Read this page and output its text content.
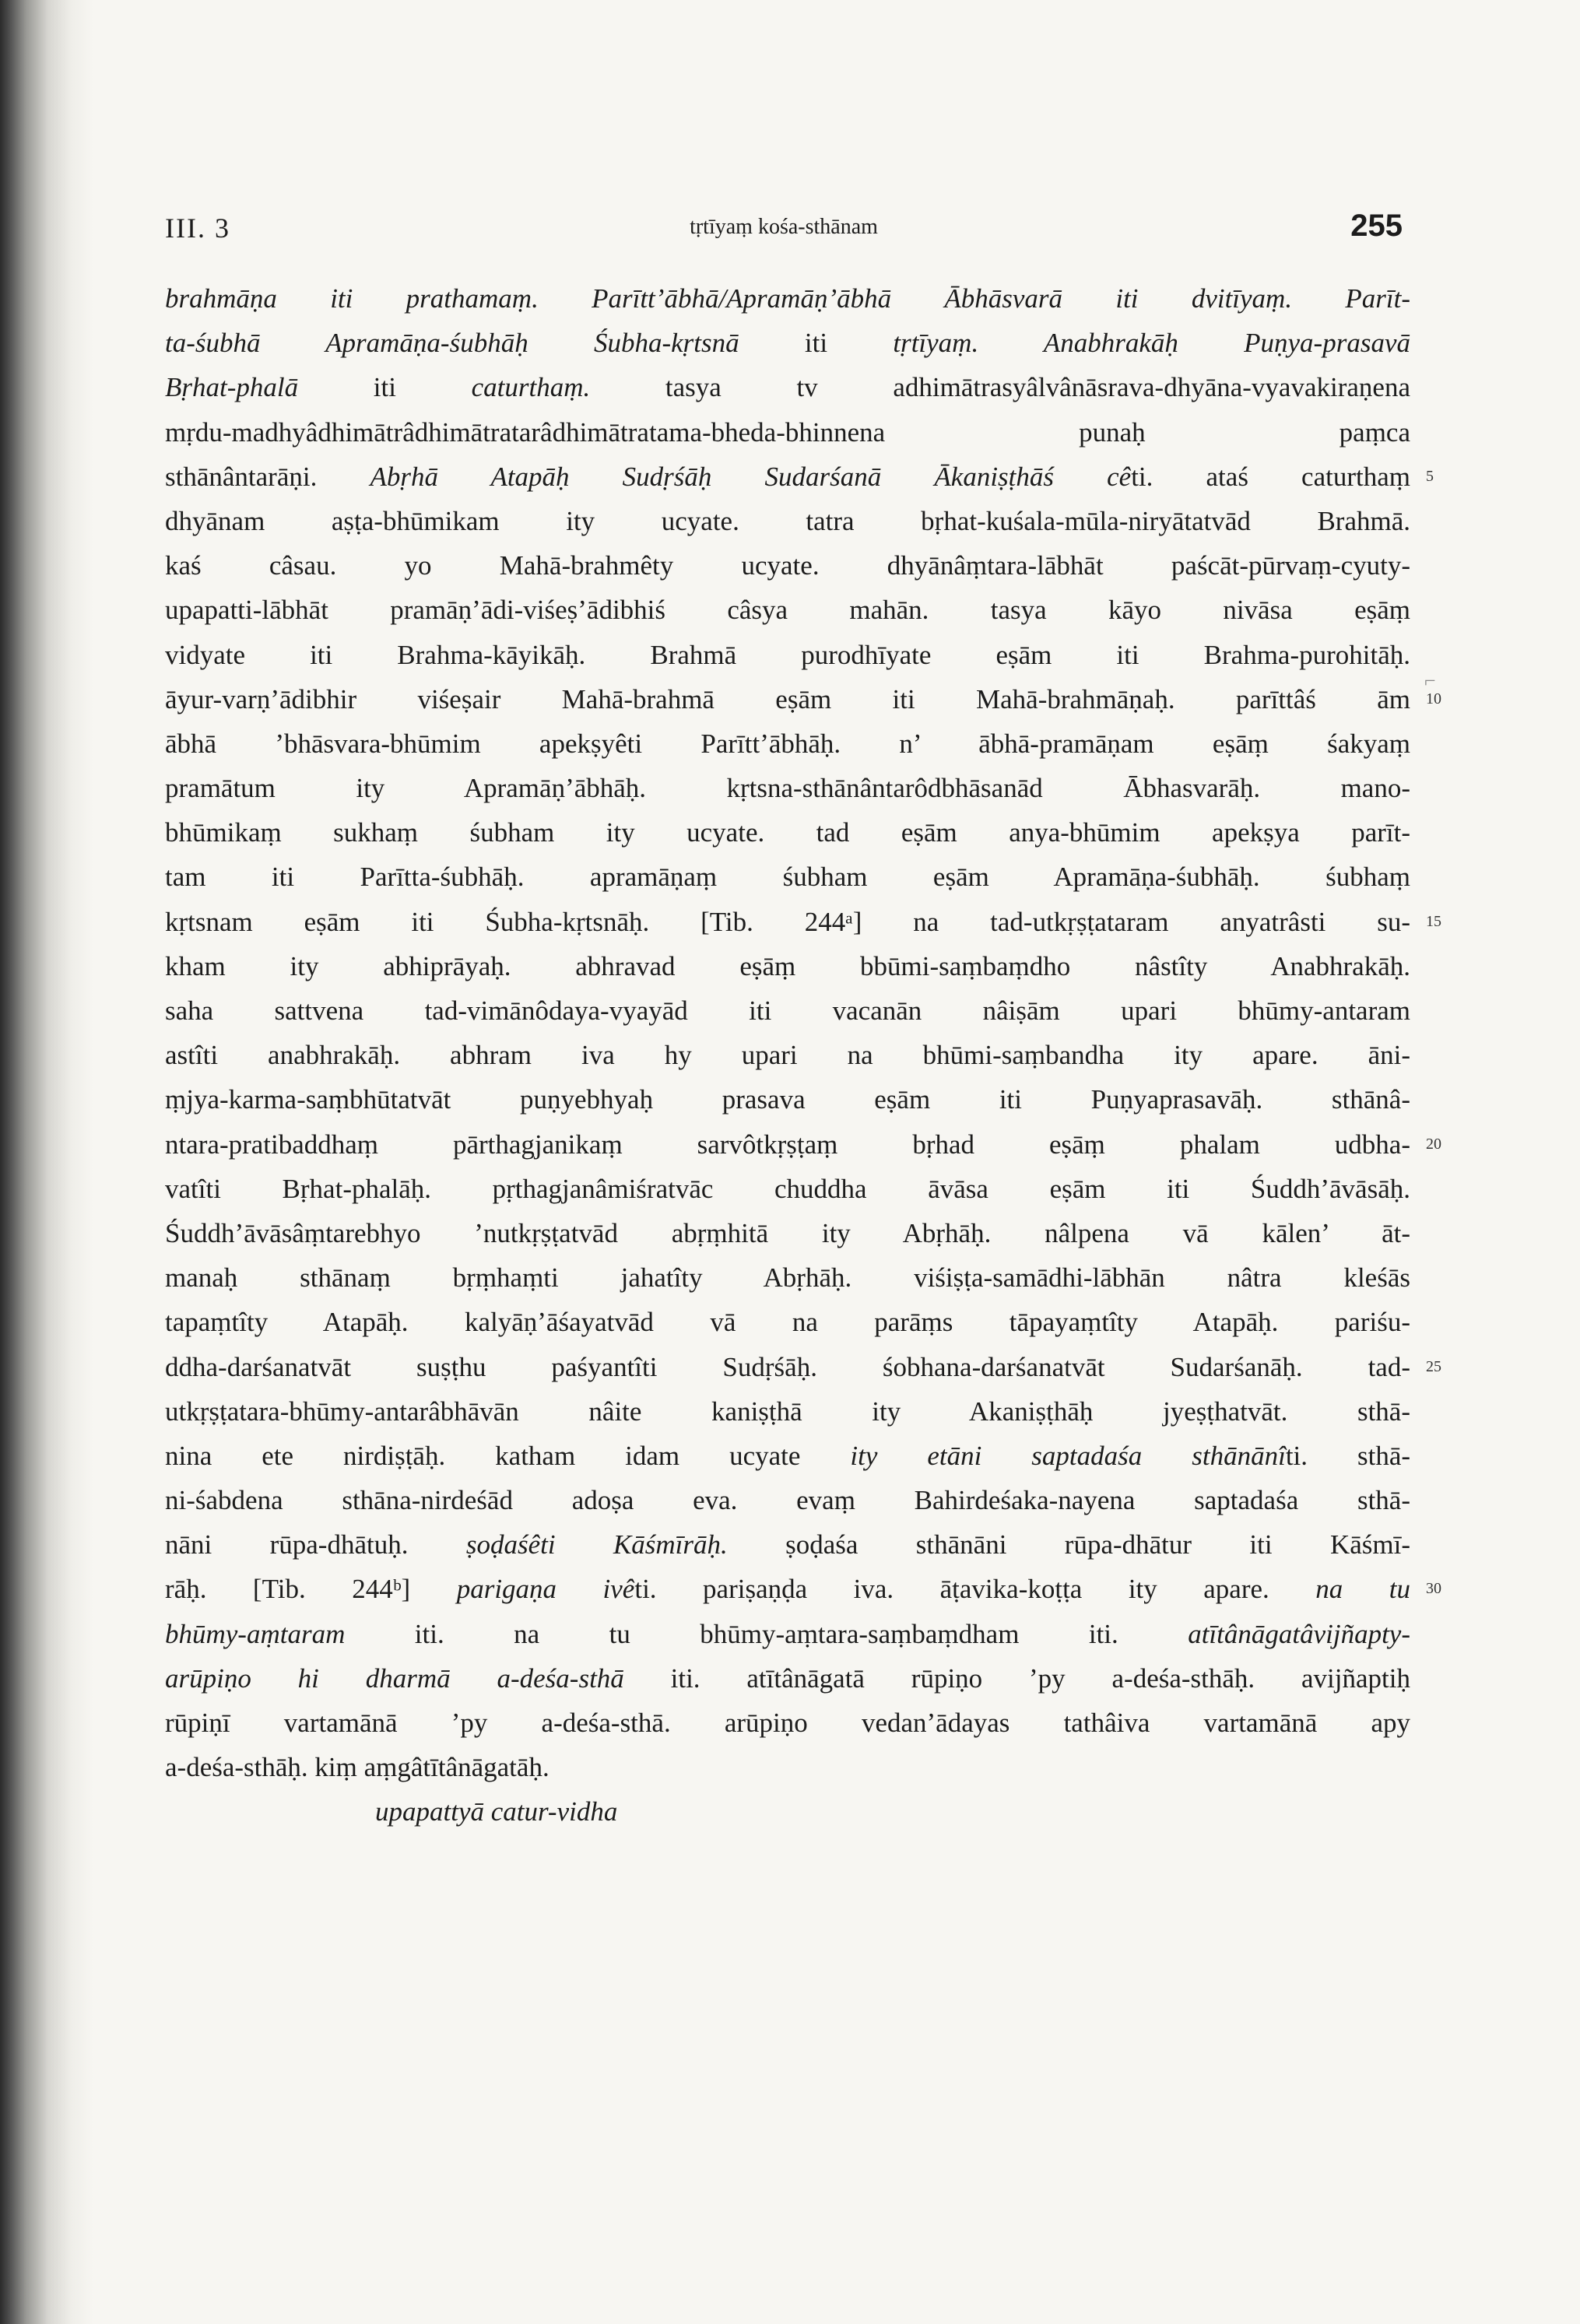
III. 3	tṛtīyaṃ kośa-sthānam	255
⌐
brahmāṇa iti prathamaṃ. Parītt’ābhā/Apramāṇ’ābhā Ābhāsvarā iti dvitīyaṃ. Parīt-
ta-śubhā Apramāṇa-śubhāḥ Śubha-kṛtsnā iti tṛtīyaṃ. Anabhrakāḥ Puṇya-prasavā
Bṛhat-phalā iti caturthaṃ. tasya tv adhimātrasyâlvânāsrava-dhyāna-vyavakiraṇena
mṛdu-madhyâdhimātrâdhimātratarâdhimātratama-bheda-bhinnena punaḥ paṃca
sthānântarāṇi. Abṛhā Atapāḥ Sudṛśāḥ Sudarśanā Ākaniṣṭhāś cêti. ataś caturthaṃ 5
dhyānam aṣṭa-bhūmikam ity ucyate. tatra bṛhat-kuśala-mūla-niryātatvād Brahmā.
kaś câsau. yo Mahā-brahmêty ucyate. dhyānâṃtara-lābhāt paścāt-pūrvaṃ-cyuty-
upapatti-lābhāt pramāṇ’ādi-viśeṣ’ādibhiś câsya mahān. tasya kāyo nivāsa eṣāṃ
vidyate iti Brahma-kāyikāḥ. Brahmā purodhīyate eṣām iti Brahma-purohitāḥ.
āyur-varṇ’ādibhir viśeṣair Mahā-brahmā eṣām iti Mahā-brahmāṇaḥ. parīttâś ām 10
ābhā ’bhāsvara-bhūmim apekṣyêti Parītt’ābhāḥ. n’ ābhā-pramāṇam eṣāṃ śakyaṃ
pramātum ity Apramāṇ’ābhāḥ. kṛtsna-sthānântarôdbhāsanād Ābhasvarāḥ. mano-
bhūmikaṃ sukhaṃ śubham ity ucyate. tad eṣām anya-bhūmim apekṣya parīt-
tam iti Parītta-śubhāḥ. apramāṇaṃ śubham eṣām Apramāṇa-śubhāḥ. śubhaṃ
kṛtsnam eṣām iti Śubha-kṛtsnāḥ. [Tib. 244ᵃ] na tad-utkṛṣṭataram anyatrâsti su- 15
kham ity abhiprāyaḥ. abhravad eṣāṃ bbūmi-saṃbaṃdho nâstîty Anabhrakāḥ.
saha sattvena tad-vimānôdaya-vyayād iti vacanān nâiṣām upari bhūmy-antaram
astîti anabhrakāḥ. abhram iva hy upari na bhūmi-saṃbandha ity apare. āni-
ṃjya-karma-saṃbhūtatvāt puṇyebhyaḥ prasava eṣām iti Puṇyaprasavāḥ. sthānâ-
ntara-pratibaddhaṃ pārthagjanikaṃ sarvôtkṛṣṭaṃ bṛhad eṣāṃ phalam udbha- 20
vatîti Bṛhat-phalāḥ. pṛthagjanâmiśratvāc chuddha āvāsa eṣām iti Śuddh’āvāsāḥ.
Śuddh’āvāsâṃtarebhyo ’nutkṛṣṭatvād abṛṃhitā ity Abṛhāḥ. nâlpena vā kālen’ āt-
manaḥ sthānaṃ bṛṃhaṃti jahatîty Abṛhāḥ. viśiṣṭa-samādhi-lābhān nâtra kleśās
tapaṃtîty Atapāḥ. kalyāṇ’āśayatvād vā na parāṃs tāpayaṃtîty Atapāḥ. pariśu-
ddha-darśanatvāt suṣṭhu paśyantîti Sudṛśāḥ. śobhana-darśanatvāt Sudarśanāḥ. tad- 25
utkṛṣṭatara-bhūmy-antarâbhāvān nâite kaniṣṭhā ity Akaniṣṭhāḥ jyeṣṭhatvāt. sthā-
nina ete nirdiṣṭāḥ. katham idam ucyate ity etāni saptadaśa sthānānîti. sthā-
ni-śabdena sthāna-nirdeśād adoṣa eva. evaṃ Bahirdeśaka-nayena saptadaśa sthā-
nāni rūpa-dhātuḥ. ṣoḍaśêti Kāśmīrāḥ. ṣoḍaśa sthānāni rūpa-dhātur iti Kāśmī-
rāḥ. [Tib. 244ᵇ] parigaṇa ivêti. pariṣaṇḍa iva. āṭavika-koṭṭa ity apare. na tu 30
bhūmy-aṃtaram iti. na tu bhūmy-aṃtara-saṃbaṃdham iti. atītânāgatâvijñapty-
arūpiṇo hi dharmā a-deśa-sthā iti. atītânāgatā rūpiṇo ’py a-deśa-sthāḥ. avijñaptiḥ
rūpiṇī vartamānā ’py a-deśa-sthā. arūpiṇo vedan’ādayas tathâiva vartamānā apy
a-deśa-sthāḥ. kiṃ aṃgâtītânāgatāḥ.
upapattyā catur-vidha
